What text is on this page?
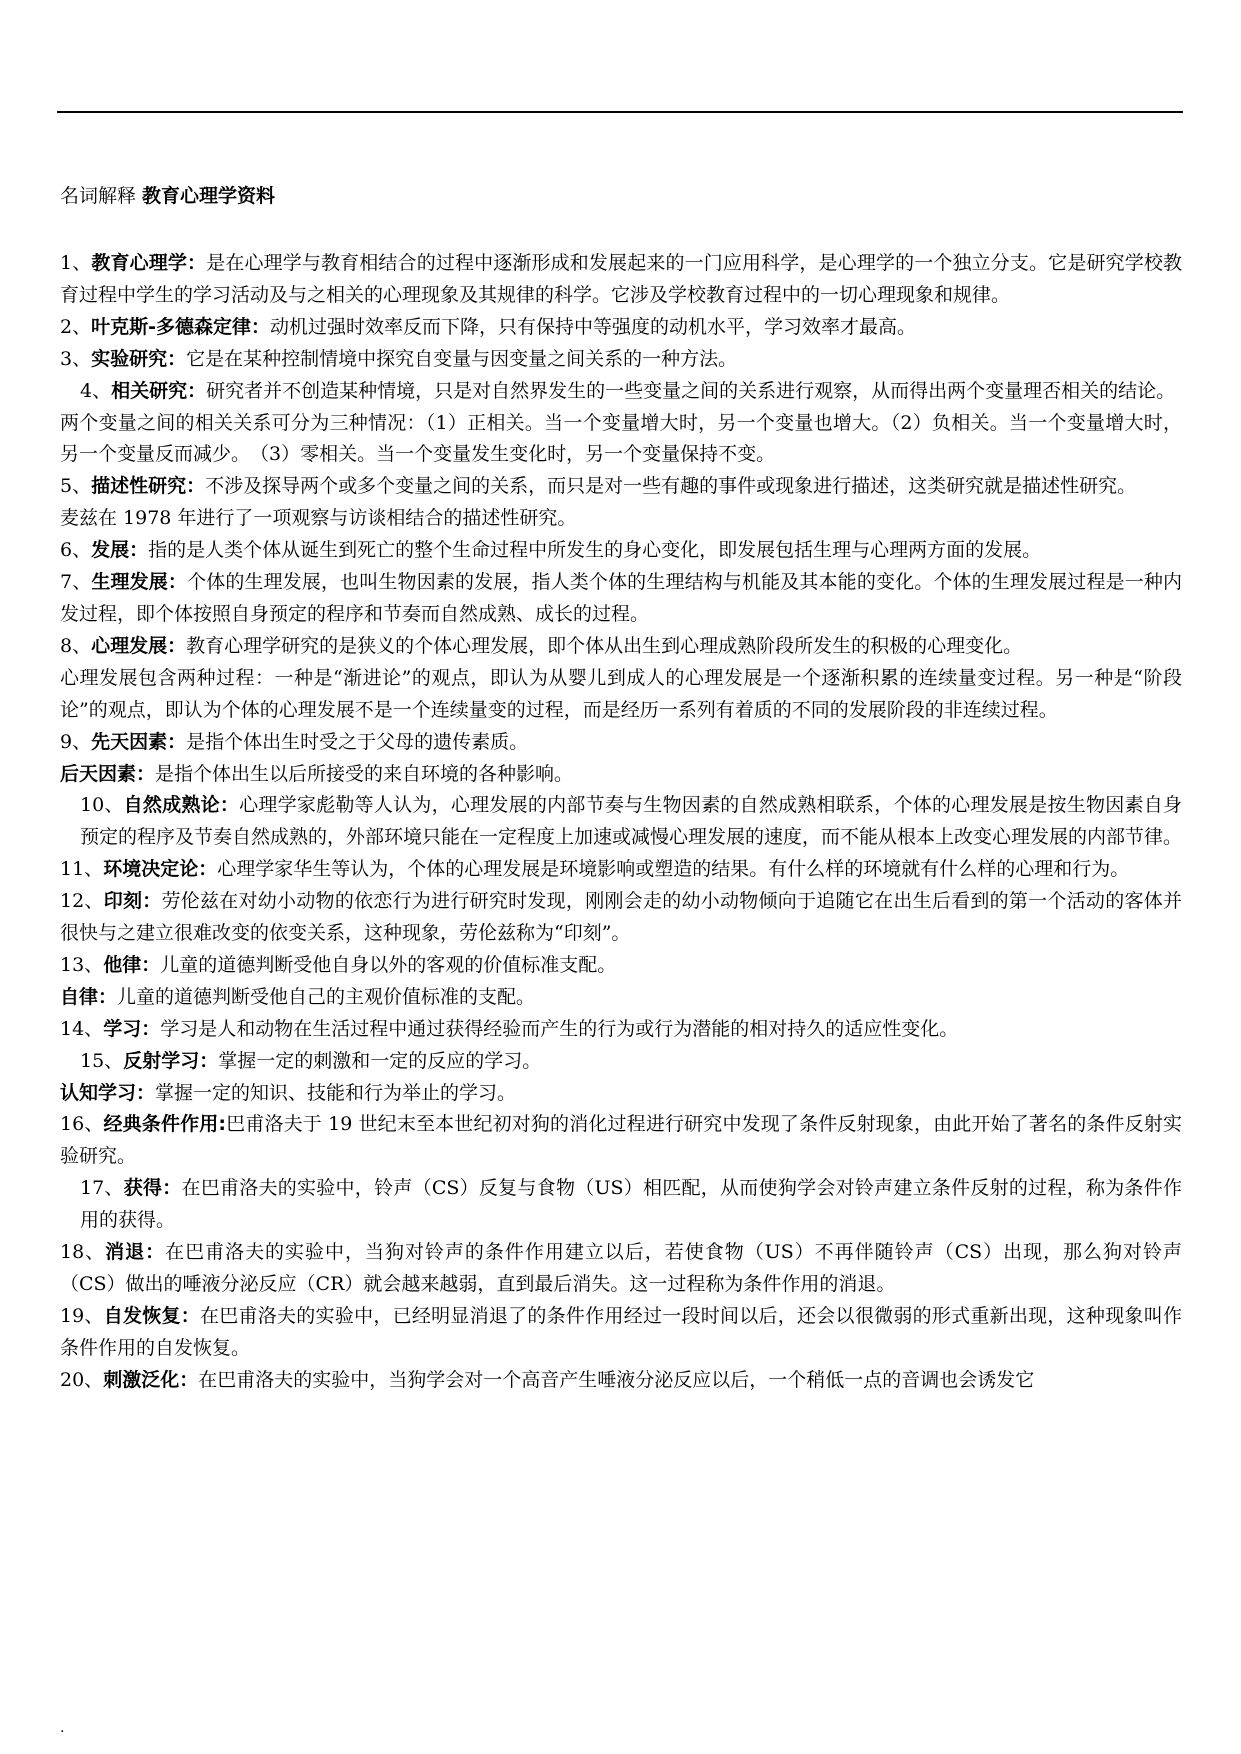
名词解释 教育心理学资料

1、教育心理学：是在心理学与教育相结合的过程中逐渐形成和发展起来的一门应用科学，是心理学的一个独立分支。它是研究学校教育过程中学生的学习活动及与之相关的心理现象及其规律的科学。它涉及学校教育过程中的一切心理现象和规律。

2、叶克斯-多德森定律：动机过强时效率反而下降，只有保持中等强度的动机水平，学习效率才最高。

3、实验研究：它是在某种控制情境中探究自变量与因变量之间关系的一种方法。

4、相关研究：研究者并不创造某种情境，只是对自然界发生的一些变量之间的关系进行观察，从而得出两个变量理否相关的结论。

两个变量之间的相关关系可分为三种情况：（1）正相关。当一个变量增大时，另一个变量也增大。（2）负相关。当一个变量增大时，另一个变量反而减少。　（3）零相关。当一个变量发生变化时，另一个变量保持不变。

5、描述性研究：不涉及探导两个或多个变量之间的关系，而只是对一些有趣的事件或现象进行描述，这类研究就是描述性研究。

麦兹在 1978 年进行了一项观察与访谈相结合的描述性研究。

6、发展：指的是人类个体从诞生到死亡的整个生命过程中所发生的身心变化，即发展包括生理与心理两方面的发展。

7、生理发展：个体的生理发展，也叫生物因素的发展，指人类个体的生理结构与机能及其本能的变化。个体的生理发展过程是一种内发过程，即个体按照自身预定的程序和节奏而自然成熟、成长的过程。

8、心理发展：教育心理学研究的是狭义的个体心理发展，即个体从出生到心理成熟阶段所发生的积极的心理变化。

心理发展包含两种过程：一种是“渐进论”的观点，即认为从婴儿到成人的心理发展是一个逐渐积累的连续量变过程。另一种是“阶段论”的观点，即认为个体的心理发展不是一个连续量变的过程，而是经历一系列有着质的不同的发展阶段的非连续过程。

9、先天因素：是指个体出生时受之于父母的遗传素质。

后天因素：是指个体出生以后所接受的来自环境的各种影响。

10、自然成熟论：心理学家彪勒等人认为，心理发展的内部节奏与生物因素的自然成熟相联系，个体的心理发展是按生物因素自身预定的程序及节奏自然成熟的，外部环境只能在一定程度上加速或减慢心理发展的速度，而不能从根本上改变心理发展的内部节律。

11、环境决定论：心理学家华生等认为，个体的心理发展是环境影响或塑造的结果。有什么样的环境就有什么样的心理和行为。

12、印刻：劳伦兹在对幼小动物的依恋行为进行研究时发现，刚刚会走的幼小动物倾向于追随它在出生后看到的第一个活动的客体并很快与之建立很难改变的依变关系，这种现象，劳伦兹称为“印刻”。

13、他律：儿童的道德判断受他自身以外的客观的价值标准支配。

自律：儿童的道德判断受他自己的主观价值标准的支配。

14、学习：学习是人和动物在生活过程中通过获得经验而产生的行为或行为潜能的相对持久的适应性变化。

15、反射学习：掌握一定的刺激和一定的反应的学习。

认知学习：掌握一定的知识、技能和行为举止的学习。

16、经典条件作用:巴甫洛夫于 19 世纪末至本世纪初对狗的消化过程进行研究中发现了条件反射现象，由此开始了著名的条件反射实验研究。

17、获得：在巴甫洛夫的实验中，铃声（CS）反复与食物（US）相匹配，从而使狗学会对铃声建立条件反射的过程，称为条件作用的获得。

18、消退：在巴甫洛夫的实验中，当狗对铃声的条件作用建立以后，若使食物（US）不再伴随铃声（CS）出现，那么狗对铃声（CS）做出的唾液分泌反应（CR）就会越来越弱，直到最后消失。这一过程称为条件作用的消退。

19、自发恢复：在巴甫洛夫的实验中，已经明显消退了的条件作用经过一段时间以后，还会以很微弱的形式重新出现，这种现象叫作条件作用的自发恢复。

20、刺激泛化：在巴甫洛夫的实验中，当狗学会对一个高音产生唾液分泌反应以后，一个稍低一点的音调也会诱发它

.
